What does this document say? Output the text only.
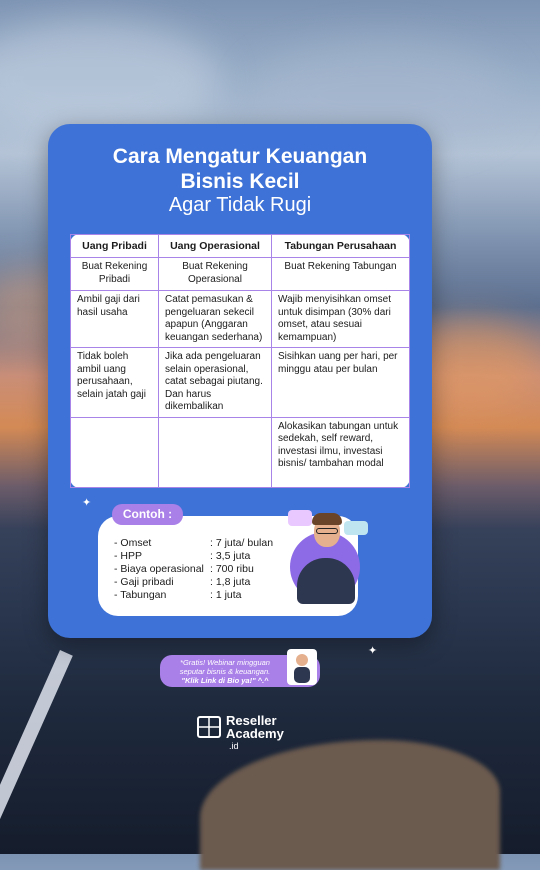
Cara Mengatur Keuangan
Bisnis Kecil
Agar Tidak Rugi
Uang Pribadi	Uang Operasional	Tabungan Perusahaan
Buat Rekening Pribadi	Buat Rekening Operasional	Buat Rekening Tabungan
Ambil gaji dari hasil usaha	Catat pemasukan & pengeluaran sekecil apapun (Anggaran keuangan sederhana)	Wajib menyisihkan omset untuk disimpan (30% dari omset, atau sesuai kemampuan)
Tidak boleh ambil uang perusahaan, selain jatah gaji	Jika ada pengeluaran selain operasional, catat sebagai piutang. Dan harus dikembalikan	Sisihkan uang per hari, per minggu atau per bulan
		Alokasikan tabungan untuk sedekah, self reward, investasi ilmu, investasi bisnis/ tambahan modal
✦
✦
Contoh :
- Omset	: 7 juta/ bulan
- HPP	: 3,5 juta
- Biaya operasional : 700 ribu
- Gaji pribadi	: 1,8 juta
- Tabungan	: 1 juta
*Gratis! Webinar mingguan
seputar bisnis & keuangan.
"Klik Link di Bio ya!" ^.^
Reseller
Academy
.id
